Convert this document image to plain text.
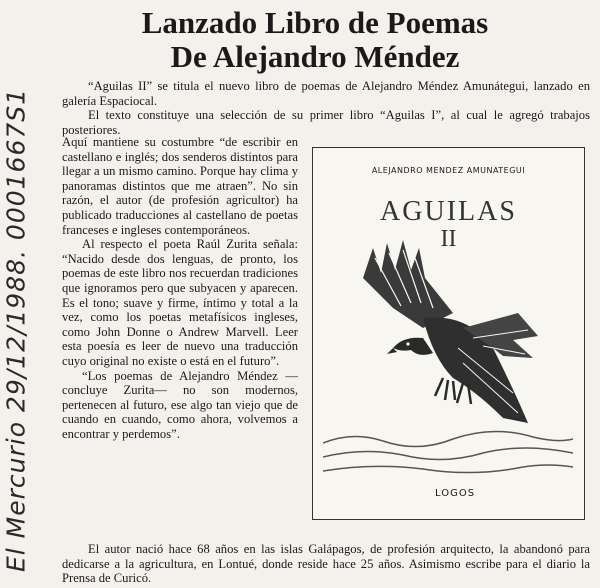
El Mercurio 29/12/1988. 0001667S1
Lanzado Libro de Poemas
De Alejandro Méndez

“Aguilas II” se titula el nuevo libro de poemas de Alejandro Méndez Amunátegui, lanzado en galería Espaciocal.

El texto constituye una selección de su primer libro “Aguilas I”, al cual le agregó trabajos posteriores.

Aquí mantiene su costumbre “de escribir en castellano e inglés; dos senderos distintos para llegar a un mismo camino. Porque hay clima y panoramas distintos que me atraen”. No sin razón, el autor (de profesión agricultor) ha publicado traducciones al castellano de poetas franceses e ingleses contemporáneos.

Al respecto el poeta Raúl Zurita señala: “Nacido desde dos lenguas, de pronto, los poemas de este libro nos recuerdan tradiciones que ignoramos pero que subyacen y aparecen. Es el tono; suave y firme, íntimo y total a la vez, como los poetas metafísicos ingleses, como John Donne o Andrew Marvell. Leer esta poesía es leer de nuevo una traducción cuyo original no existe o está en el futuro”.

“Los poemas de Alejandro Méndez —concluye Zurita— no son modernos, pertenecen al futuro, ese algo tan viejo que de cuando en cuando, como ahora, volvemos a encontrar y perdemos”.

ALEJANDRO MENDEZ AMUNATEGUI
AGUILAS
II
LOGOS

El autor nació hace 68 años en las islas Galápagos, de profesión arquitecto, la abandonó para dedicarse a la agricultura, en Lontué, donde reside hace 25 años. Asimismo escribe para el diario la Prensa de Curicó.
